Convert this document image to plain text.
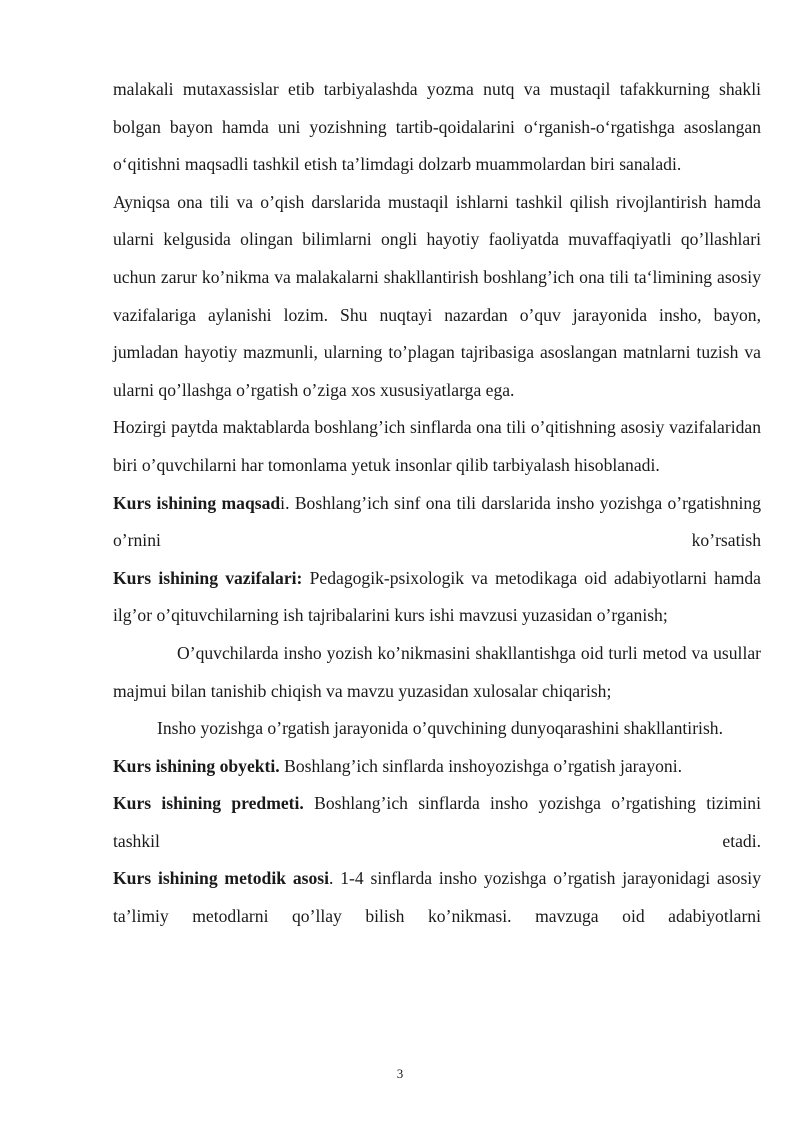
malakali mutaxassislar etib tarbiyalashda yozma nutq va mustaqil tafakkurning shakli bolgan bayon hamda uni yozishning tartib-qoidalarini o‘rganish-o‘rgatishga asoslangan o‘qitishni maqsadli tashkil etish ta’limdagi dolzarb muammolardan biri sanaladi.

Ayniqsa ona tili va o’qish darslarida mustaqil ishlarni tashkil qilish rivojlantirish hamda ularni kelgusida olingan bilimlarni ongli hayotiy faoliyatda muvaffaqiyatli qo’llashlari uchun zarur ko’nikma va malakalarni shakllantirish boshlang’ich ona tili ta‘limining asosiy vazifalariga aylanishi lozim. Shu nuqtayi nazardan o’quv jarayonida insho, bayon, jumladan hayotiy mazmunli, ularning to’plagan tajribasiga asoslangan matnlarni tuzish va ularni qo’llashga o’rgatish o’ziga xos xususiyatlarga ega.

Hozirgi paytda maktablarda boshlang’ich sinflarda ona tili o’qitishning asosiy vazifalaridan biri o’quvchilarni har tomonlama yetuk insonlar qilib tarbiyalash hisoblanadi.

Kurs ishining maqsadi. Boshlang’ich sinf ona tili darslarida insho yozishga o’rgatishning o’rnini ko’rsatish

Kurs ishining vazifalari: Pedagogik-psixologik va metodikaga oid adabiyotlarni hamda ilg’or o’qituvchilarning ish tajribalarini kurs ishi mavzusi yuzasidan o’rganish;

O’quvchilarda insho yozish ko’nikmasini shakllantishga oid turli metod va usullar majmui bilan tanishib chiqish va mavzu yuzasidan xulosalar chiqarish;

Insho yozishga o’rgatish jarayonida o’quvchining dunyoqarashini shakllantirish.

Kurs ishining obyekti. Boshlang’ich sinflarda inshoyozishga o’rgatish jarayoni.

Kurs ishining predmeti. Boshlang’ich sinflarda insho yozishga o’rgatishing tizimini tashkil etadi.

Kurs ishining metodik asosi. 1-4 sinflarda insho yozishga o’rgatish jarayonidagi asosiy ta’limiy metodlarni qo’llay bilish ko’nikmasi. mavzuga oid adabiyotlarni

3
